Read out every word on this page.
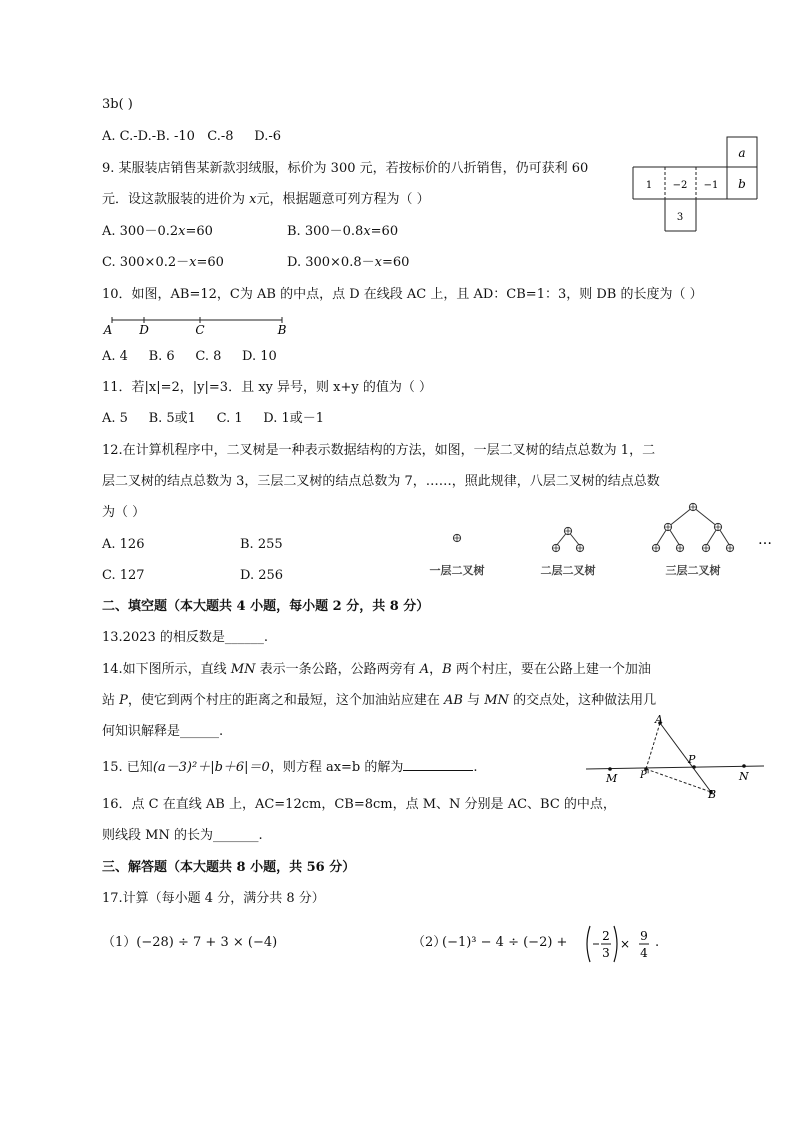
3b( )
A. C.-D.-B. -10   C.-8     D.-6
9. 某服装店销售某新款羽绒服，标价为 300 元，若按标价的八折销售，仍可获利 60
元．设这款服装的进价为 x元，根据题意可列方程为（ ）
A. 300－0.2x=60	B. 300－0.8x=60
C. 300×0.2－x=60	D. 300×0.8－x=60
a
b
1 −2 −1
3
10．如图，AB=12，C为 AB 的中点，点 D 在线段 AC 上，且 AD：CB=1：3，则 DB 的长度为（ ）
A D	C	B
A. 4     B. 6     C. 8     D. 10
11．若|x|=2，|y|=3．且 xy 异号，则 x+y 的值为（ ）
A. 5     B. 5或1     C. 1     D. 1或－1
12.在计算机程序中，二叉树是一种表示数据结构的方法，如图，一层二叉树的结点总数为 1，二
层二叉树的结点总数为 3，三层二叉树的结点总数为 7，……，照此规律，八层二叉树的结点总数
为（ ）
A. 126	B. 255
C. 127	D. 256	一层二叉树	二层二叉树	三层二叉树
…
二、填空题（本大题共 4 小题，每小题 2 分，共 8 分）
13.2023 的相反数是______.
14.如下图所示，直线 MN 表示一条公路，公路两旁有 A，B 两个村庄，要在公路上建一个加油
站 P，使它到两个村庄的距离之和最短，这个加油站应建在 AB 与 MN 的交点处，这种做法用几
何知识解释是______.
A
P
M P'	N
B
15. 已知(a－3)²＋|b＋6|＝0，则方程 ax=b 的解为	.
16．点 C 在直线 AB 上，AC=12cm，CB=8cm，点 M、N 分别是 AC、BC 的中点，
则线段 MN 的长为_______.
三、解答题（本大题共 8 小题，共 56 分）
17.计算（每小题 4 分，满分共 8 分）
（1）(−28) ÷ 7 + 3 × (−4)	（2）
(−1)³ − 4 ÷ (−2) +	2
3
×
9
4
.
